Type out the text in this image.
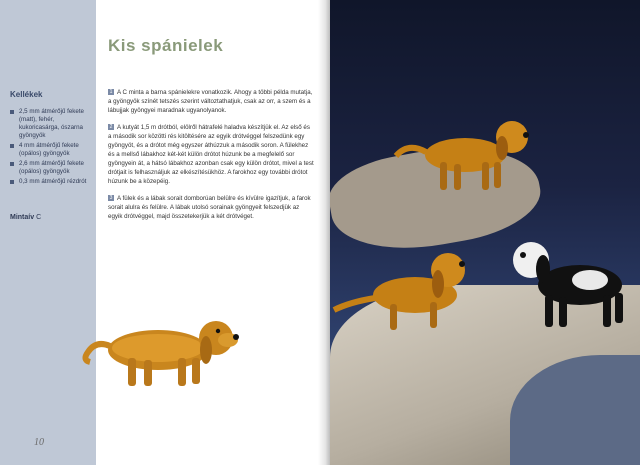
Kellékek
2,5 mm átmérőjű fekete (matt), fehér, kukoricasárga, ószarna gyöngyök
4 mm átmérőjű fekete (opálos) gyöngyök
2,6 mm átmérőjű fekete (opálos) gyöngyök
0,3 mm átmérőjű rézdrót
Mintaív C
Kis spánielek

1 A C minta a barna spánielekre vonatkozik. Ahogy a többi példa mutatja, a gyöngyök színét tetszés szerint változtathatjuk, csak az orr, a szem és a lábujjak gyöngyei maradnak ugyanolyanok.

2 A kutyát 1,5 m drótból, elölről hátrafelé haladva készítjük el. Az első és a második sor közötti rés kitöltésére az egyik drótvéggel felszedünk egy gyöngyöt, és a drótot még egyszer áthúzzuk a második soron. A fülekhez és a mellső lábakhoz két-két külön drótot húzunk be a megfelelő sor gyöngyein át, a hátsó lábakhoz azonban csak egy külön drótot, mivel a test drótjait is felhasználjuk az elkészítésükhöz. A farokhoz egy további drótot húzunk be a közepéig.

3 A fülek és a lábak sorait domborúan belülre és kívülre igazítjuk, a farok sorait alulra és felülre. A lábak utolsó sorainak gyöngyeit felszedjük az egyik drótvéggel, majd összetekerjük a két drótvéget.

10
